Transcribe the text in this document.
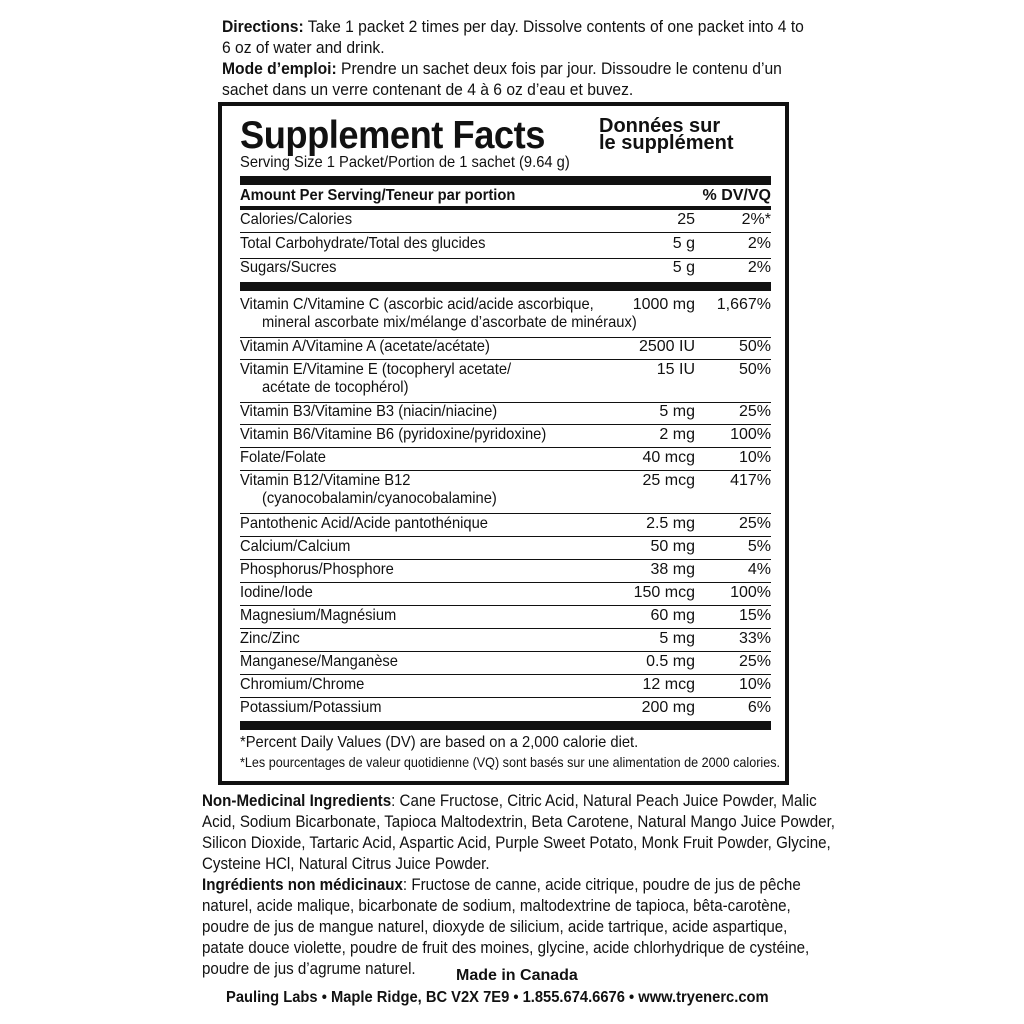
Directions: Take 1 packet 2 times per day. Dissolve contents of one packet into 4 to
6 oz of water and drink.
Mode d’emploi: Prendre un sachet deux fois par jour. Dissoudre le contenu d’un
sachet dans un verre contenant de 4 à 6 oz d’eau et buvez.
Supplement Facts	Données sur
le supplément
Serving Size 1 Packet/Portion de 1 sachet (9.64 g)
Amount Per Serving/Teneur par portion	% DV/VQ
Calories/Calories	25	2%*
Total Carbohydrate/Total des glucides	5 g	2%
Sugars/Sucres	5 g	2%
Vitamin C/Vitamine C (ascorbic acid/acide ascorbique,
mineral ascorbate mix/mélange d’ascorbate de minéraux)
1000 mg 1,667%
Vitamin A/Vitamine A (acetate/acétate)	2500 IU	50%
Vitamin E/Vitamine E (tocopheryl acetate/
acétate de tocophérol)
15 IU	50%
Vitamin B3/Vitamine B3 (niacin/niacine)	5 mg	25%
Vitamin B6/Vitamine B6 (pyridoxine/pyridoxine)	2 mg 100%
Folate/Folate	40 mcg	10%
Vitamin B12/Vitamine B12
(cyanocobalamin/cyanocobalamine)
25 mcg 417%
Pantothenic Acid/Acide pantothénique	2.5 mg	25%
Calcium/Calcium	50 mg	5%
Phosphorus/Phosphore	38 mg	4%
Iodine/Iode	150 mcg 100%
Magnesium/Magnésium	60 mg	15%
Zinc/Zinc	5 mg	33%
Manganese/Manganèse	0.5 mg	25%
Chromium/Chrome	12 mcg	10%
Potassium/Potassium	200 mg	6%
*Percent Daily Values (DV) are based on a 2,000 calorie diet.
*Les pourcentages de valeur quotidienne (VQ) sont basés sur une alimentation de 2000 calories.
Non-Medicinal Ingredients: Cane Fructose, Citric Acid, Natural Peach Juice Powder, Malic
Acid, Sodium Bicarbonate, Tapioca Maltodextrin, Beta Carotene, Natural Mango Juice Powder,
Silicon Dioxide, Tartaric Acid, Aspartic Acid, Purple Sweet Potato, Monk Fruit Powder, Glycine,
Cysteine HCl, Natural Citrus Juice Powder.
Ingrédients non médicinaux: Fructose de canne, acide citrique, poudre de jus de pêche
naturel, acide malique, bicarbonate de sodium, maltodextrine de tapioca, bêta-carotène,
poudre de jus de mangue naturel, dioxyde de silicium, acide tartrique, acide aspartique,
patate douce violette, poudre de fruit des moines, glycine, acide chlorhydrique de cystéine,
poudre de jus d’agrume naturel.	Made in Canada
Pauling Labs • Maple Ridge, BC V2X 7E9 • 1.855.674.6676 • www.tryenerc.com
